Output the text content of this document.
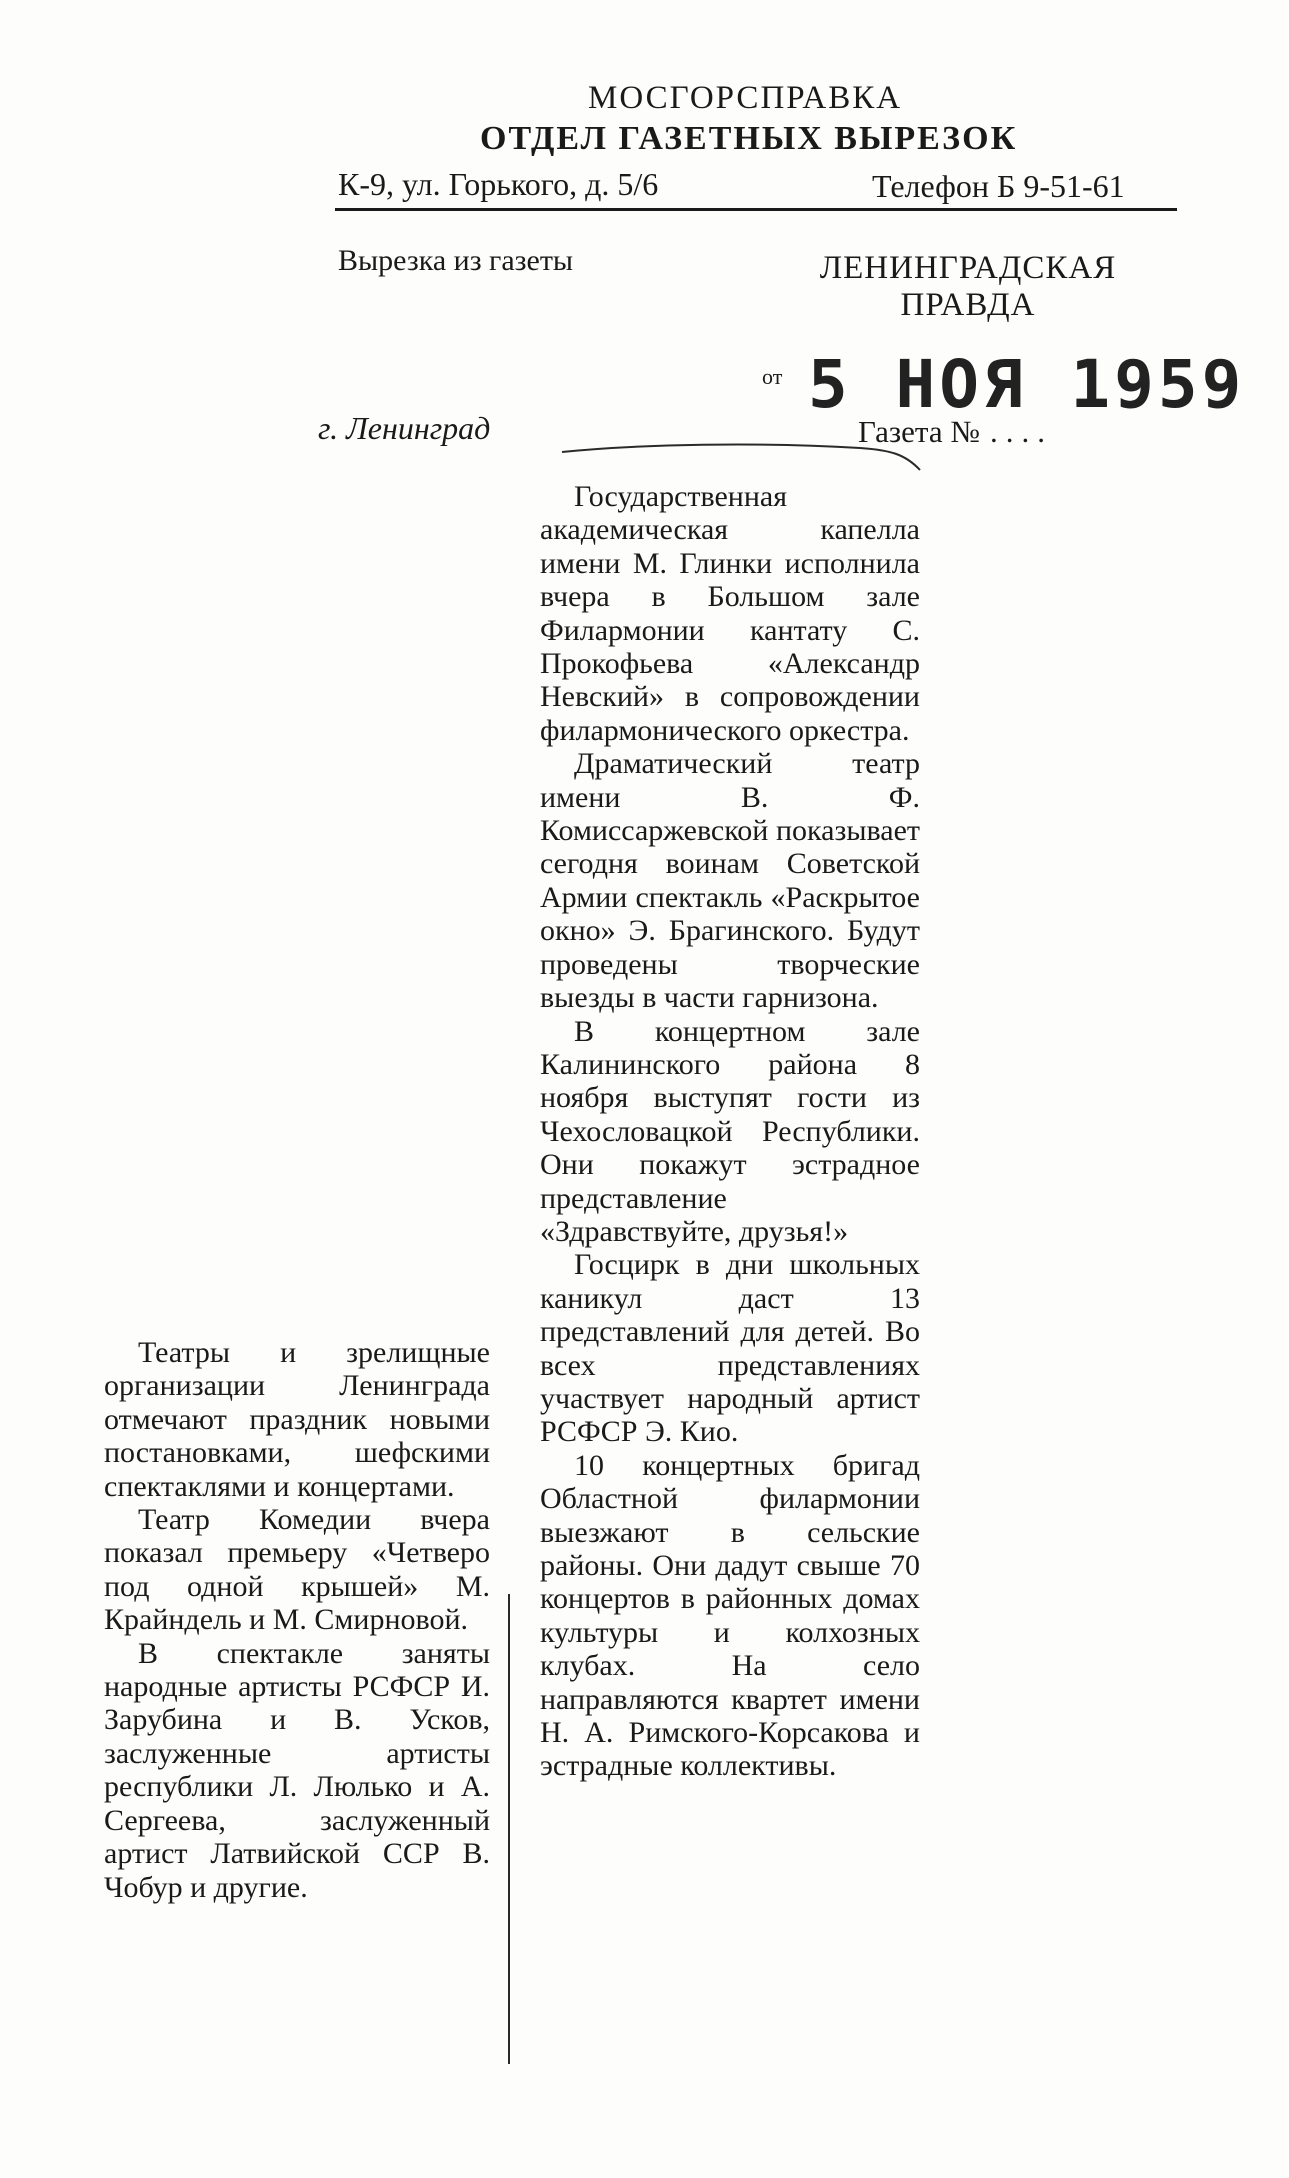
МОСГОРСПРАВКА
ОТДЕЛ ГАЗЕТНЫХ ВЫРЕЗОК
К-9, ул. Горького, д. 5/6	Телефон Б 9-51-61
Вырезка из газеты	ЛЕНИНГРАДСКАЯ ПРАВДА
от 5 НОЯ 1959
г. Ленинград	Газета № ....

Государственная академическая капелла имени М. Глинки исполнила вчера в Большом зале Филармонии кантату С. Прокофьева «Александр Невский» в сопровождении филармонического оркестра.

Драматический театр имени В. Ф. Комиссаржевской показывает сегодня воинам Советской Армии спектакль «Раскрытое окно» Э. Брагинского. Будут проведены творческие выезды в части гарнизона.

В концертном зале Калининского района 8 ноября выступят гости из Чехословацкой Республики. Они покажут эстрадное представление «Здравствуйте, друзья!»

Госцирк в дни школьных каникул даст 13 представлений для детей. Во всех представлениях участвует народный артист РСФСР Э. Кио.

10 концертных бригад Областной филармонии выезжают в сельские районы. Они дадут свыше 70 концертов в районных домах культуры и колхозных клубах. На село направляются квартет имени Н. А. Римского-Корсакова и эстрадные коллективы.

Театры и зрелищные организации Ленинграда отмечают праздник новыми постановками, шефскими спектаклями и концертами.

Театр Комедии вчера показал премьеру «Четверо под одной крышей» М. Крайндель и М. Смирновой.

В спектакле заняты народные артисты РСФСР И. Зарубина и В. Усков, заслуженные артисты республики Л. Люлько и А. Сергеева, заслуженный артист Латвийской ССР В. Чобур и другие.
